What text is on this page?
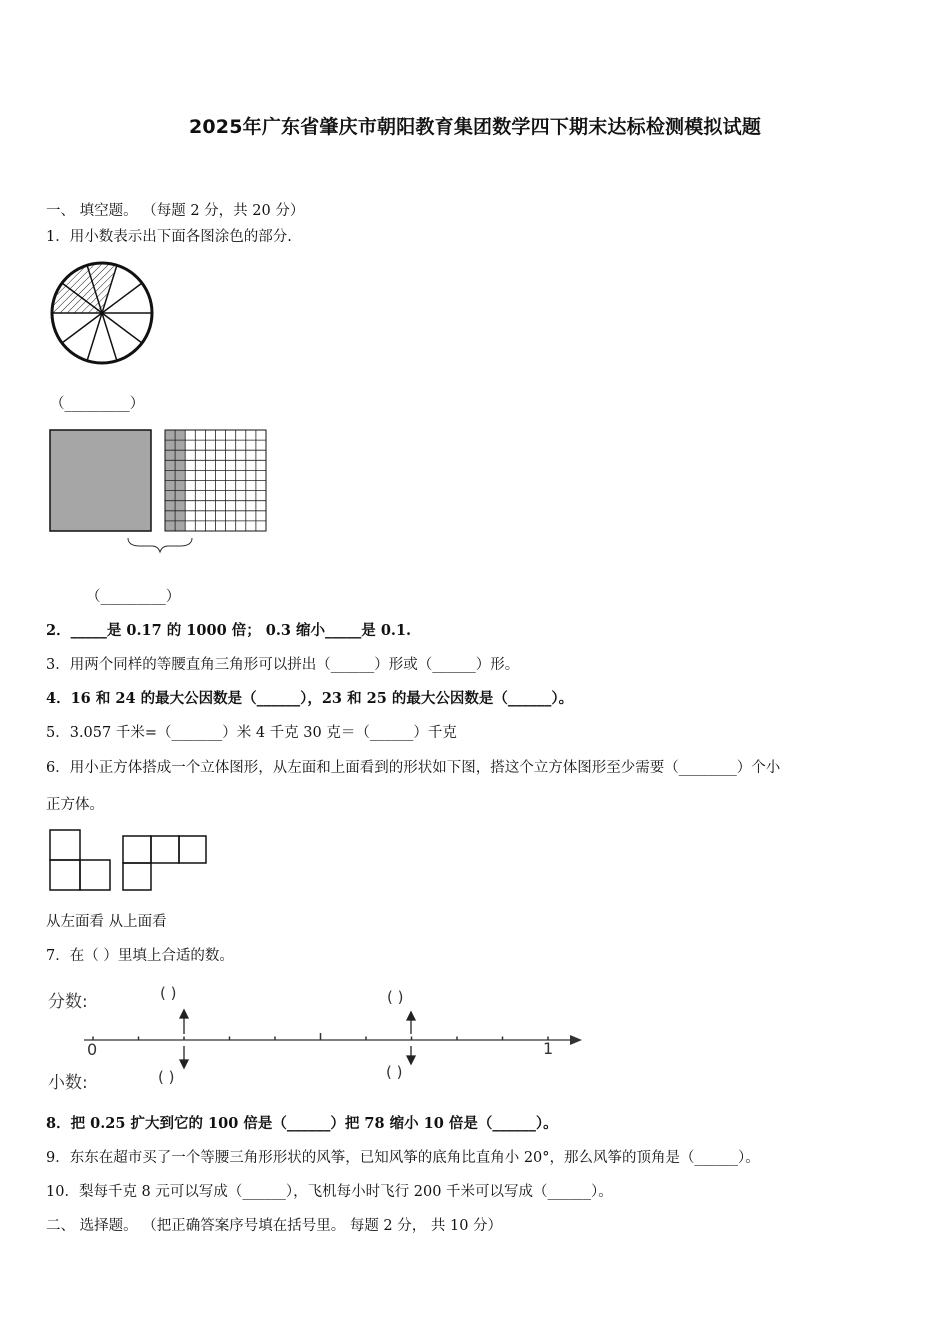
2025年广东省肇庆市朝阳教育集团数学四下期末达标检测模拟试题
一、 填空题。 （每题 2 分，共 20 分）
1．用小数表示出下面各图涂色的部分.
（_________）
（_________）
2．_____是 0.17 的 1000 倍； 0.3 缩小_____是 0.1.
3．用两个同样的等腰直角三角形可以拼出（______）形或（______）形。
4．16 和 24 的最大公因数是（______），23 和 25 的最大公因数是（______）。
5．3.057 千米=（_______）米 4 千克 30 克＝（______）千克
6．用小正方体搭成一个立体图形，从左面和上面看到的形状如下图，搭这个立方体图形至少需要（________）个小
正方体。
从左面看 从上面看
7．在（ ）里填上合适的数。
分数:
小数:
( )	( )
( )	( )
0	1
8．把 0.25 扩大到它的 100 倍是（______）把 78 缩小 10 倍是（______）。
9．东东在超市买了一个等腰三角形形状的风筝，已知风筝的底角比直角小 20°，那么风筝的顶角是（______）。
10．梨每千克 8 元可以写成（______），飞机每小时飞行 200 千米可以写成（______）。
二、 选择题。 （把正确答案序号填在括号里。 每题 2 分， 共 10 分）
